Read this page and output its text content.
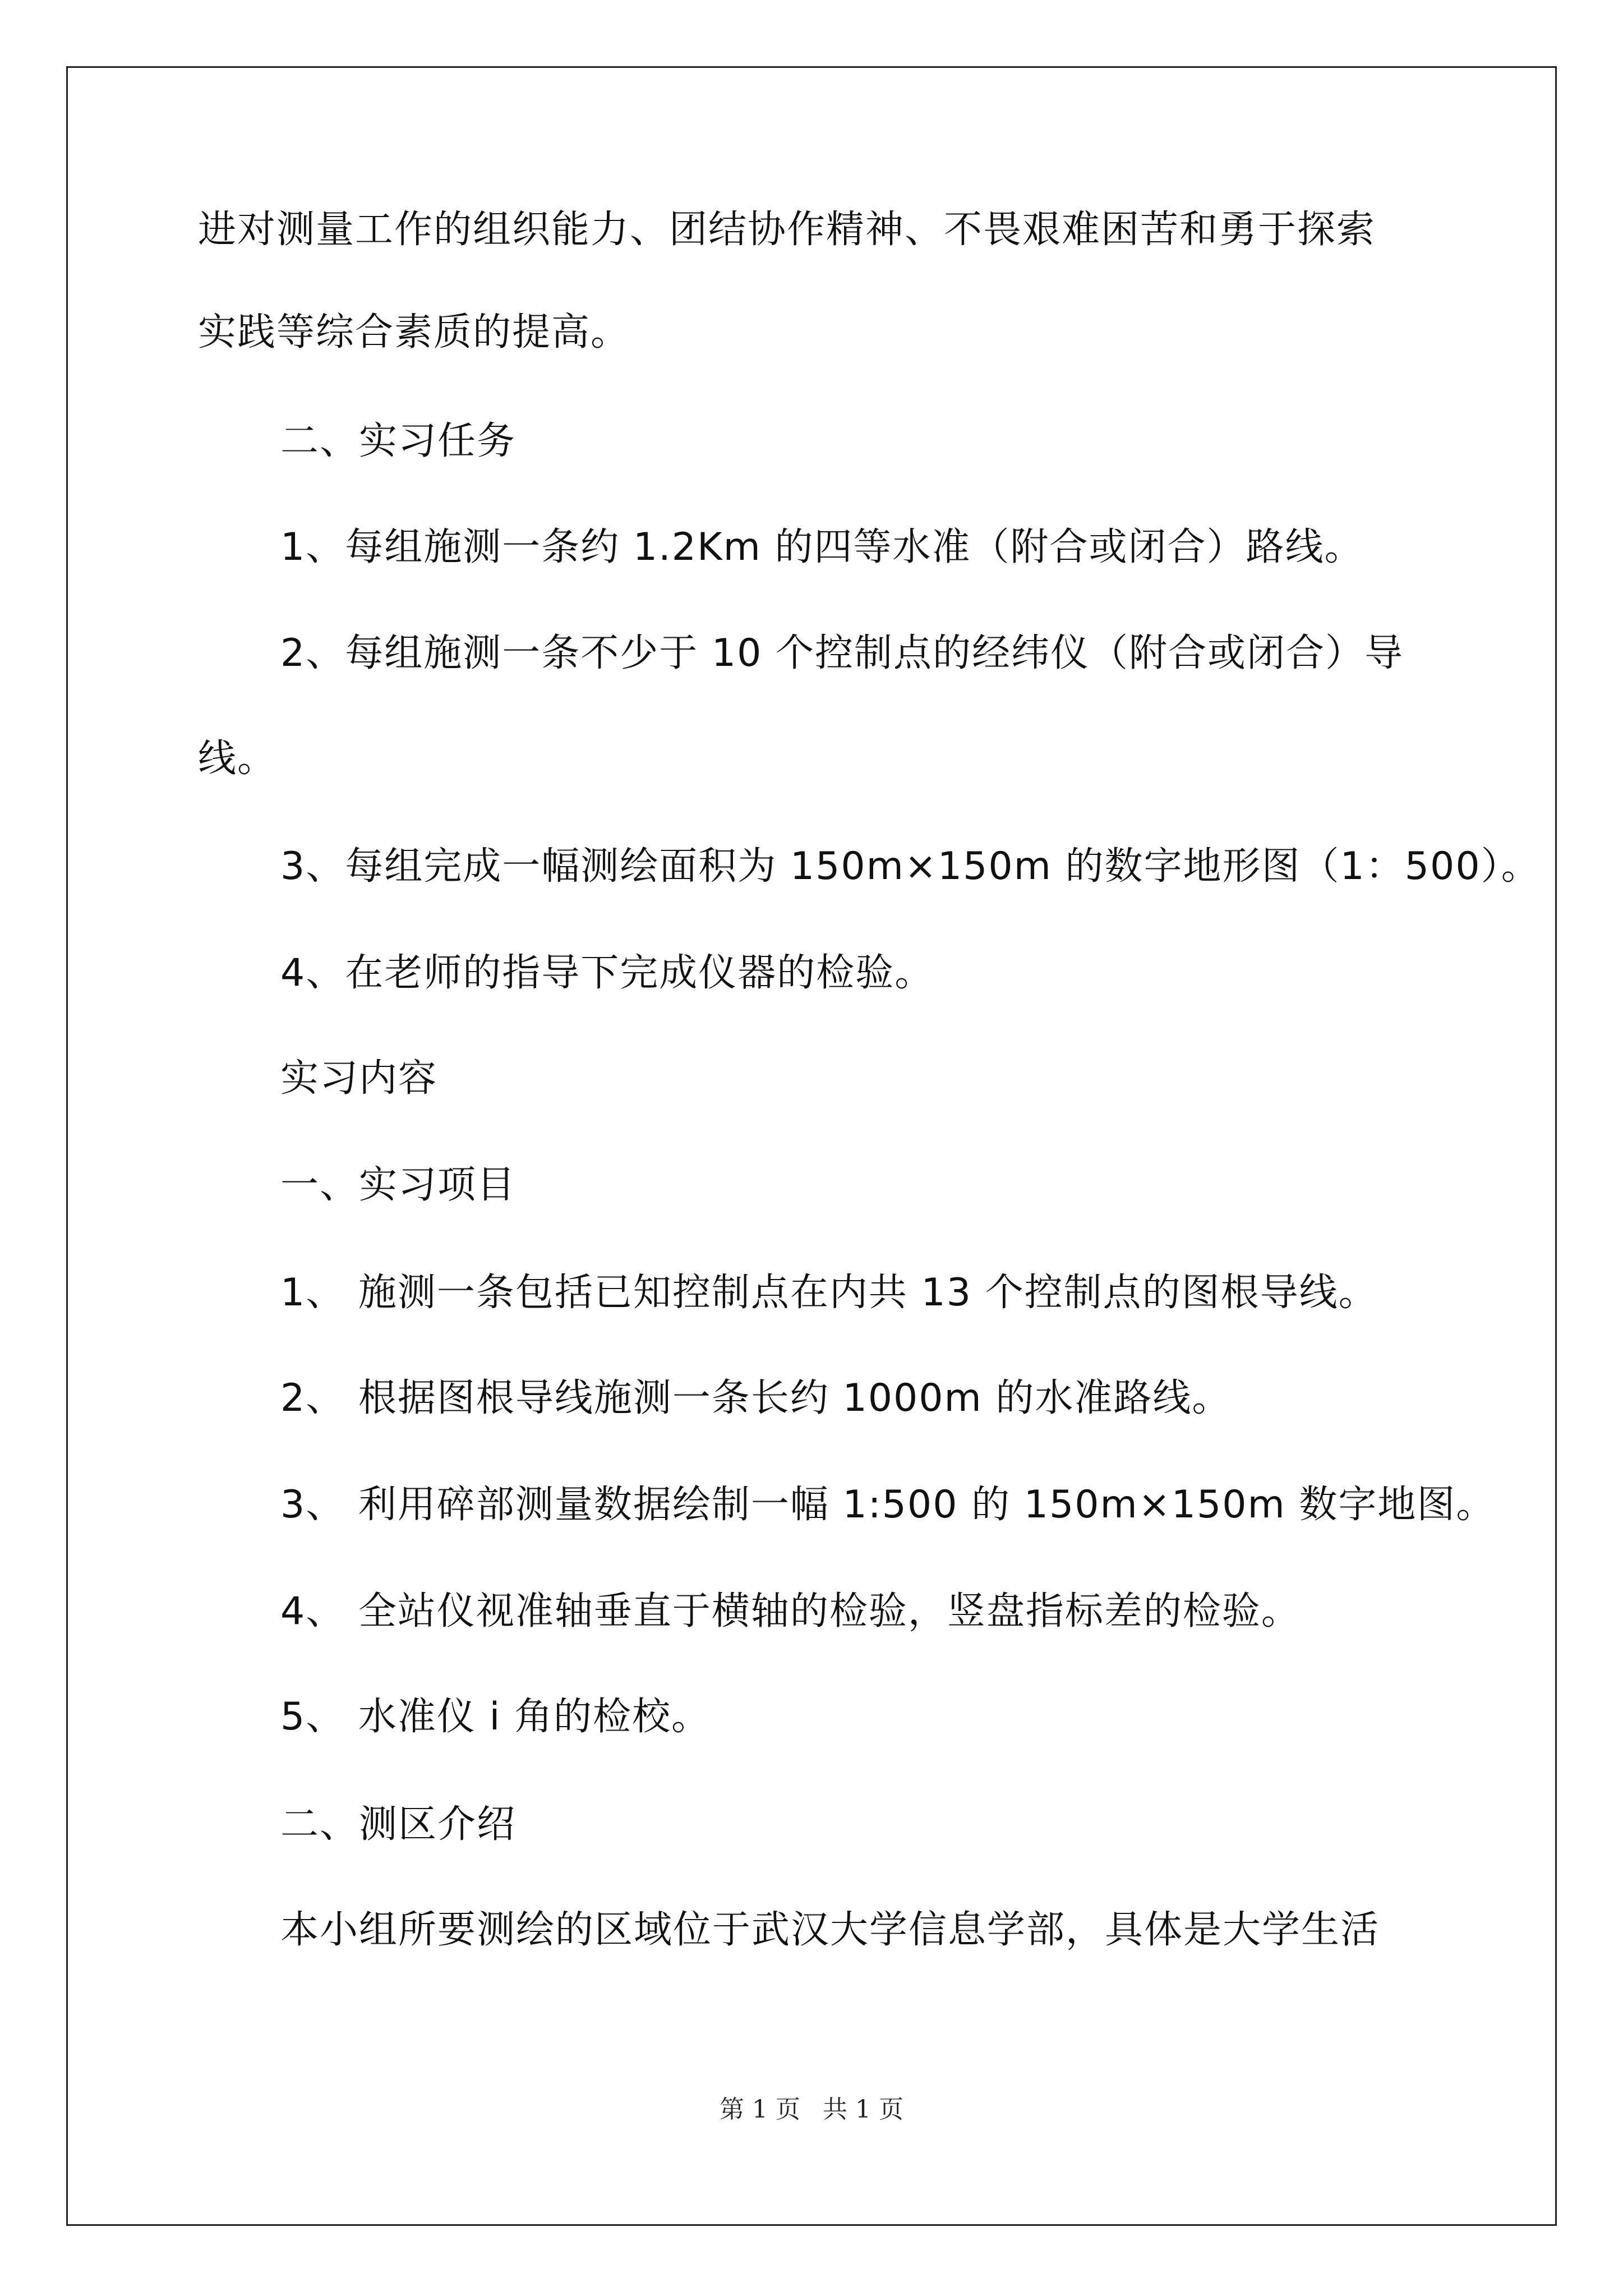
进对测量工作的组织能力、团结协作精神、不畏艰难困苦和勇于探索
实践等综合素质的提高。
二、实习任务
1、每组施测一条约 1.2Km 的四等水准（附合或闭合）路线。
2、每组施测一条不少于 10 个控制点的经纬仪（附合或闭合）导
线。
3、每组完成一幅测绘面积为 150m×150m 的数字地形图（1：500）。
4、在老师的指导下完成仪器的检验。
实习内容
一、实习项目
1、 施测一条包括已知控制点在内共 13 个控制点的图根导线。
2、 根据图根导线施测一条长约 1000m 的水准路线。
3、 利用碎部测量数据绘制一幅 1:500 的 150m×150m 数字地图。
4、 全站仪视准轴垂直于横轴的检验，竖盘指标差的检验。
5、 水准仪 i 角的检校。
二、测区介绍
本小组所要测绘的区域位于武汉大学信息学部，具体是大学生活
第 1 页 共 1 页
